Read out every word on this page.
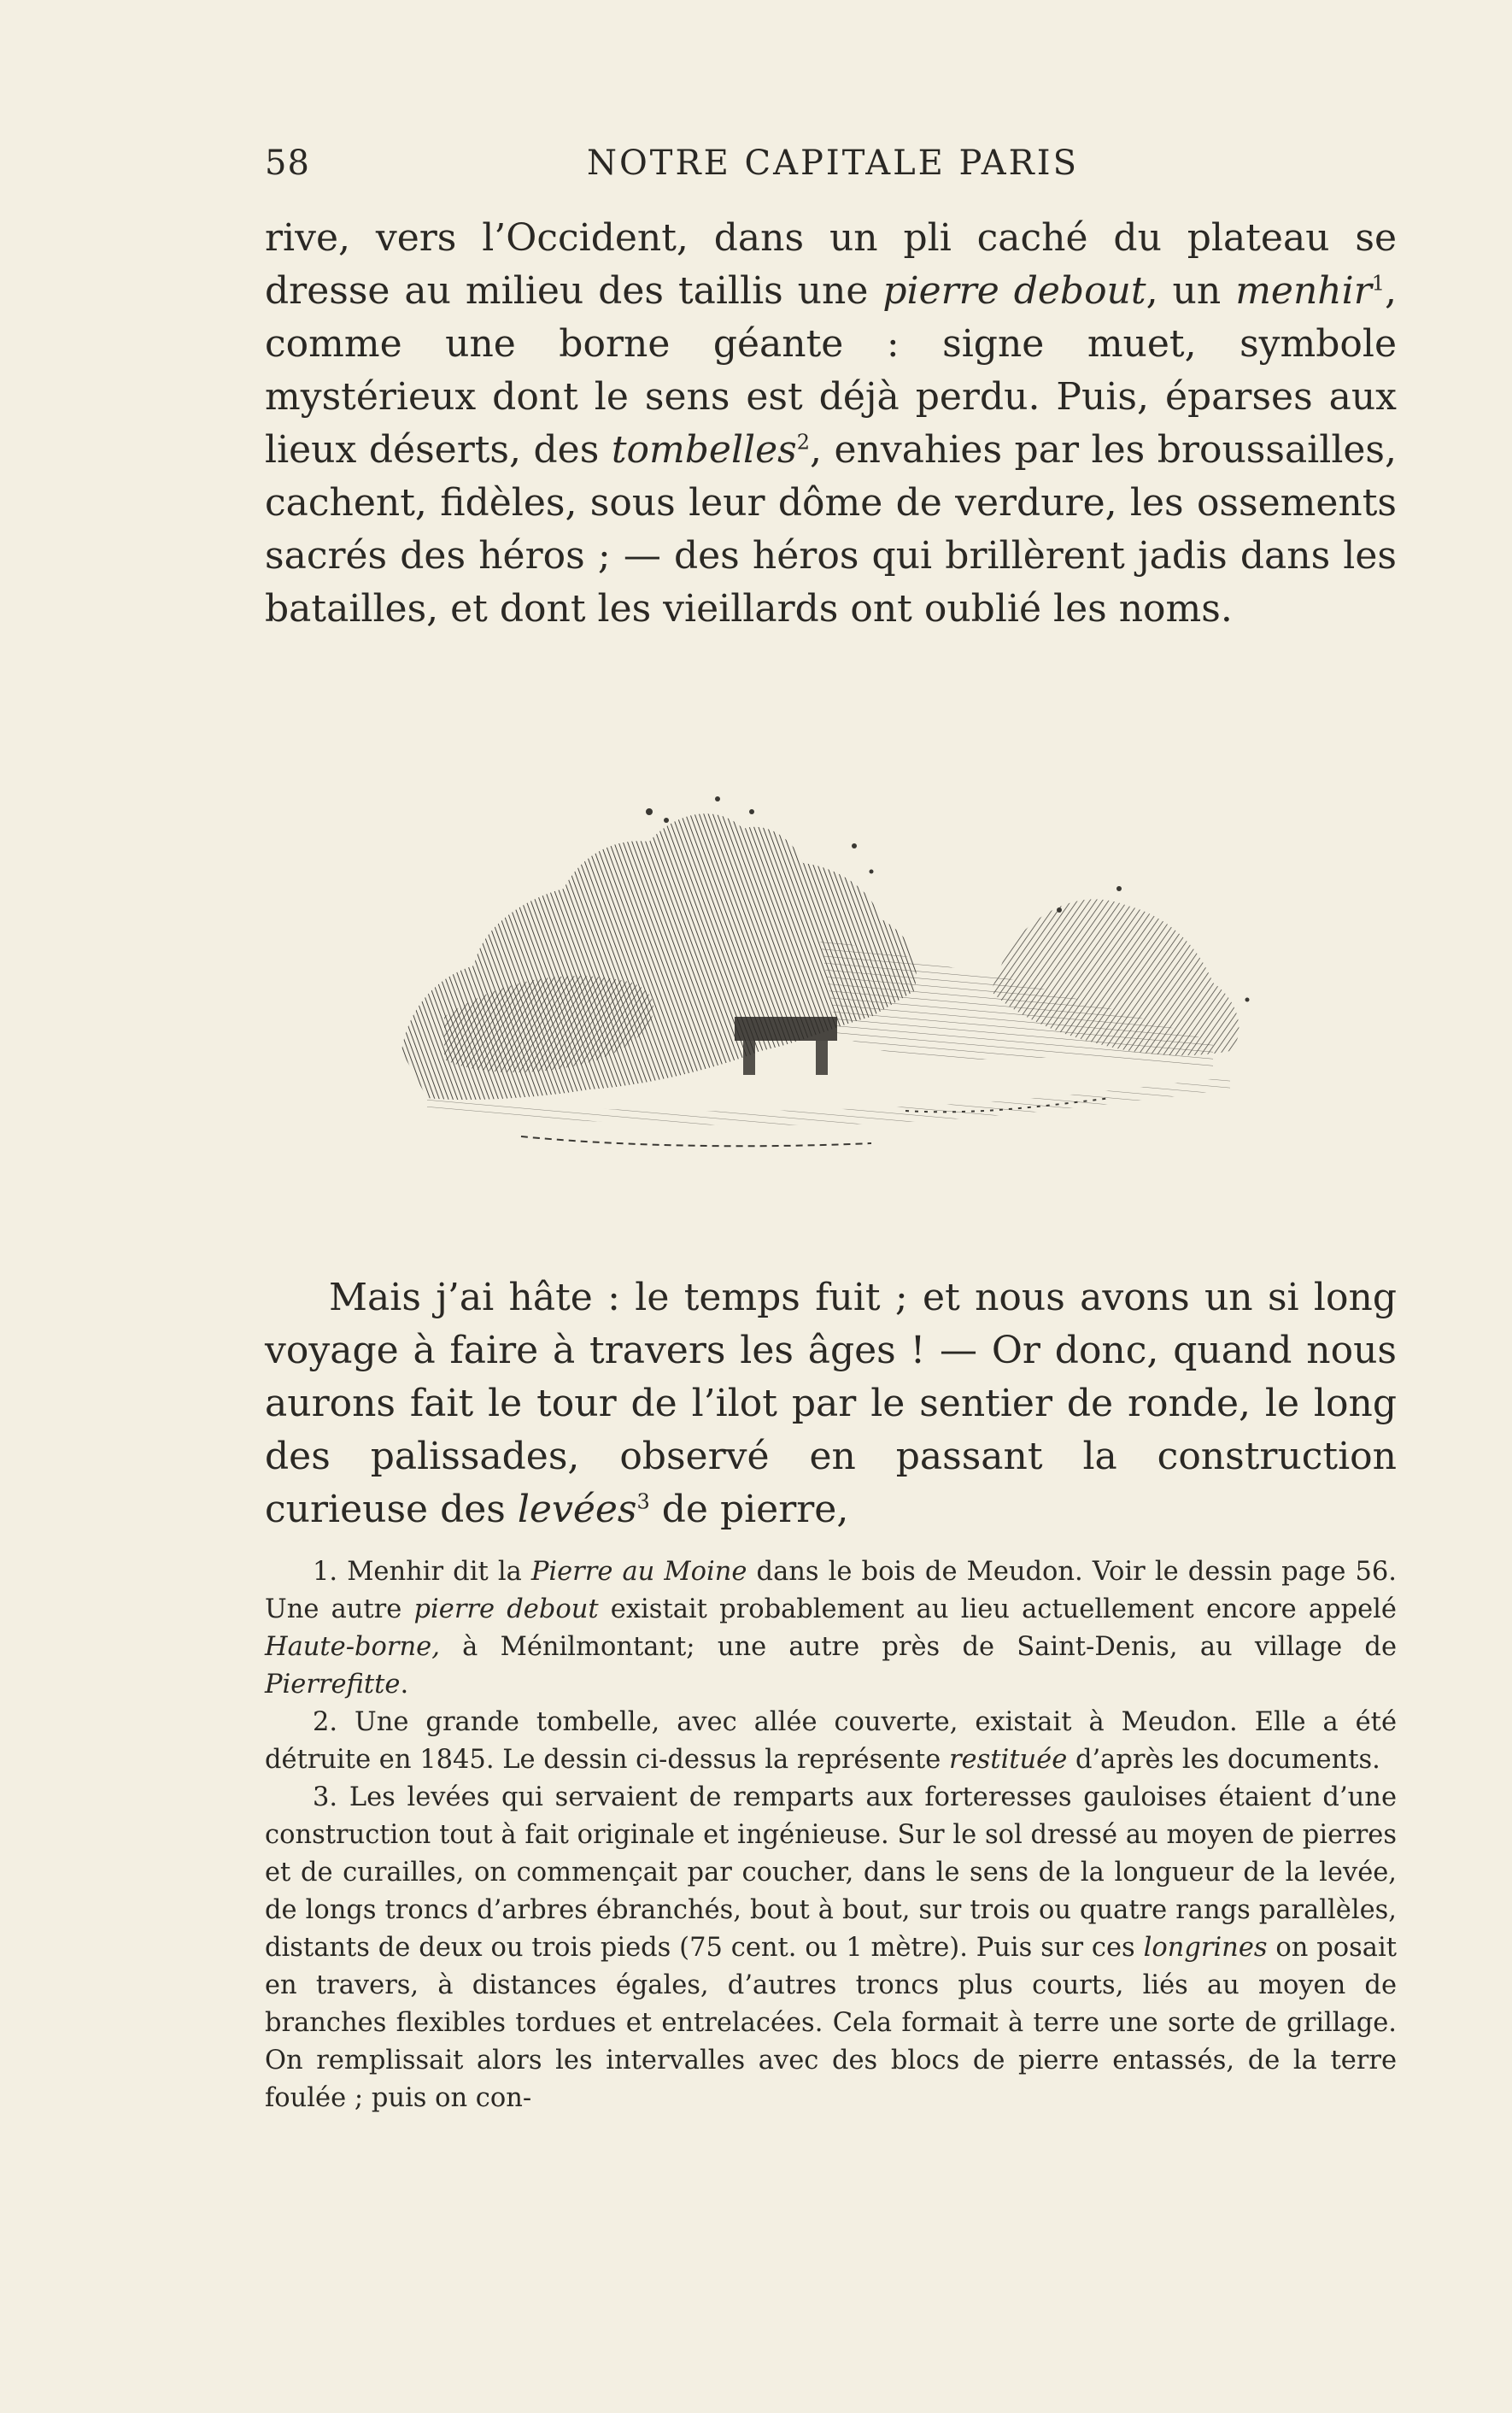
58	NOTRE CAPITALE PARIS

rive, vers l’Occident, dans un pli caché du plateau se dresse au milieu des taillis une pierre debout, un menhir$^1$, comme une borne géante : signe muet, symbole mystérieux dont le sens est déjà perdu. Puis, éparses aux lieux déserts, des tombelles$^2$, envahies par les broussailles, cachent, fidèles, sous leur dôme de verdure, les ossements sacrés des héros ; — des héros qui brillèrent jadis dans les batailles, et dont les vieillards ont oublié les noms.

Mais j’ai hâte : le temps fuit ; et nous avons un si long voyage à faire à travers les âges ! — Or donc, quand nous aurons fait le tour de l’ilot par le sentier de ronde, le long des palissades, observé en passant la construction curieuse des levées$^3$ de pierre,

1. Menhir dit la Pierre au Moine dans le bois de Meudon. Voir le dessin page 56. Une autre pierre debout existait probablement au lieu actuellement encore appelé Haute-borne, à Ménilmontant; une autre près de Saint-Denis, au village de Pierrefitte.

2. Une grande tombelle, avec allée couverte, existait à Meudon. Elle a été détruite en 1845. Le dessin ci-dessus la représente restituée d’après les documents.

3. Les levées qui servaient de remparts aux forteresses gauloises étaient d’une construction tout à fait originale et ingénieuse. Sur le sol dressé au moyen de pierres et de curailles, on commençait par coucher, dans le sens de la longueur de la levée, de longs troncs d’arbres ébranchés, bout à bout, sur trois ou quatre rangs parallèles, distants de deux ou trois pieds (75 cent. ou 1 mètre). Puis sur ces longrines on posait en travers, à distances égales, d’autres troncs plus courts, liés au moyen de branches flexibles tordues et entrelacées. Cela formait à terre une sorte de grillage. On remplissait alors les intervalles avec des blocs de pierre entassés, de la terre foulée ; puis on con-
